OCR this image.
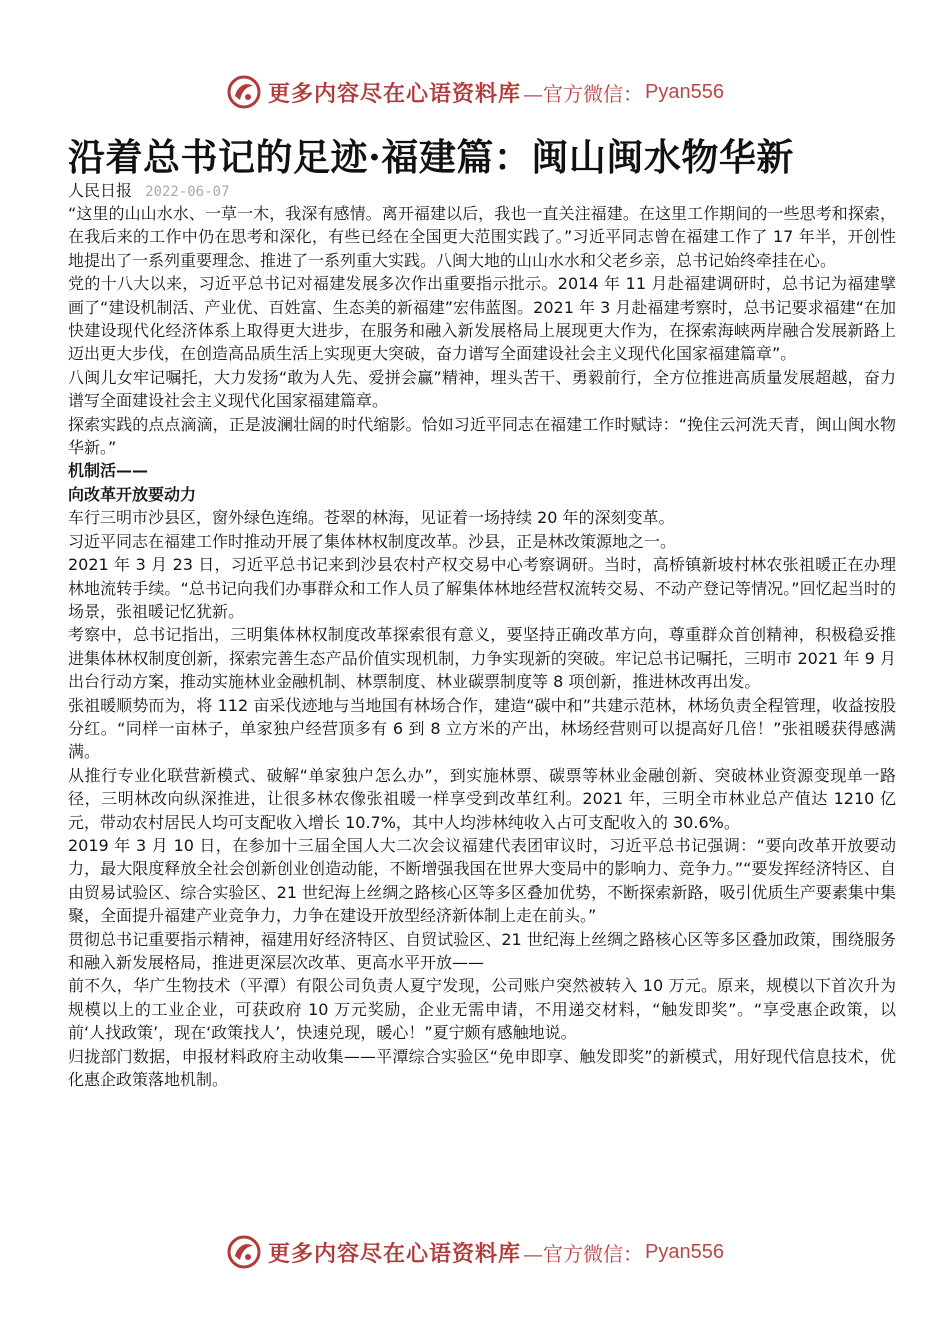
更多内容尽在心语资料库 —官方微信： Pyan556
沿着总书记的足迹·福建篇：闽山闽水物华新
人民日报 2022-06-07

“这里的山山水水、一草一木，我深有感情。离开福建以后，我也一直关注福建。在这里工作期间的一些思考和探索，在我后来的工作中仍在思考和深化，有些已经在全国更大范围实践了。”习近平同志曾在福建工作了 17 年半，开创性地提出了一系列重要理念、推进了一系列重大实践。八闽大地的山山水水和父老乡亲，总书记始终牵挂在心。

党的十八大以来，习近平总书记对福建发展多次作出重要指示批示。2014 年 11 月赴福建调研时，总书记为福建擘画了“建设机制活、产业优、百姓富、生态美的新福建”宏伟蓝图。2021 年 3 月赴福建考察时，总书记要求福建“在加快建设现代化经济体系上取得更大进步，在服务和融入新发展格局上展现更大作为，在探索海峡两岸融合发展新路上迈出更大步伐，在创造高品质生活上实现更大突破，奋力谱写全面建设社会主义现代化国家福建篇章”。

八闽儿女牢记嘱托，大力发扬“敢为人先、爱拼会赢”精神，埋头苦干、勇毅前行，全方位推进高质量发展超越，奋力谱写全面建设社会主义现代化国家福建篇章。

探索实践的点点滴滴，正是波澜壮阔的时代缩影。恰如习近平同志在福建工作时赋诗：“挽住云河洗天青，闽山闽水物华新。”

机制活——

向改革开放要动力

车行三明市沙县区，窗外绿色连绵。苍翠的林海，见证着一场持续 20 年的深刻变革。

习近平同志在福建工作时推动开展了集体林权制度改革。沙县，正是林改策源地之一。

2021 年 3 月 23 日，习近平总书记来到沙县农村产权交易中心考察调研。当时，高桥镇新坡村林农张祖暖正在办理林地流转手续。“总书记向我们办事群众和工作人员了解集体林地经营权流转交易、不动产登记等情况。”回忆起当时的场景，张祖暖记忆犹新。

考察中，总书记指出，三明集体林权制度改革探索很有意义，要坚持正确改革方向，尊重群众首创精神，积极稳妥推进集体林权制度创新，探索完善生态产品价值实现机制，力争实现新的突破。牢记总书记嘱托，三明市 2021 年 9 月出台行动方案，推动实施林业金融机制、林票制度、林业碳票制度等 8 项创新，推进林改再出发。

张祖暖顺势而为，将 112 亩采伐迹地与当地国有林场合作，建造“碳中和”共建示范林，林场负责全程管理，收益按股分红。“同样一亩林子，单家独户经营顶多有 6 到 8 立方米的产出，林场经营则可以提高好几倍！”张祖暖获得感满满。

从推行专业化联营新模式、破解“单家独户怎么办”，到实施林票、碳票等林业金融创新、突破林业资源变现单一路径，三明林改向纵深推进，让很多林农像张祖暖一样享受到改革红利。2021 年，三明全市林业总产值达 1210 亿元，带动农村居民人均可支配收入增长 10.7%，其中人均涉林纯收入占可支配收入的 30.6%。

2019 年 3 月 10 日，在参加十三届全国人大二次会议福建代表团审议时，习近平总书记强调：“要向改革开放要动力，最大限度释放全社会创新创业创造动能，不断增强我国在世界大变局中的影响力、竞争力。”“要发挥经济特区、自由贸易试验区、综合实验区、21 世纪海上丝绸之路核心区等多区叠加优势，不断探索新路，吸引优质生产要素集中集聚，全面提升福建产业竞争力，力争在建设开放型经济新体制上走在前头。”

贯彻总书记重要指示精神，福建用好经济特区、自贸试验区、21 世纪海上丝绸之路核心区等多区叠加政策，围绕服务和融入新发展格局，推进更深层次改革、更高水平开放——

前不久，华广生物技术（平潭）有限公司负责人夏宁发现，公司账户突然被转入 10 万元。原来，规模以下首次升为规模以上的工业企业，可获政府 10 万元奖励，企业无需申请，不用递交材料，“触发即奖”。“享受惠企政策，以前‘人找政策’，现在‘政策找人’，快速兑现，暖心！”夏宁颇有感触地说。

归拢部门数据，申报材料政府主动收集——平潭综合实验区“免申即享、触发即奖”的新模式，用好现代信息技术，优化惠企政策落地机制。

更多内容尽在心语资料库 —官方微信： Pyan556
